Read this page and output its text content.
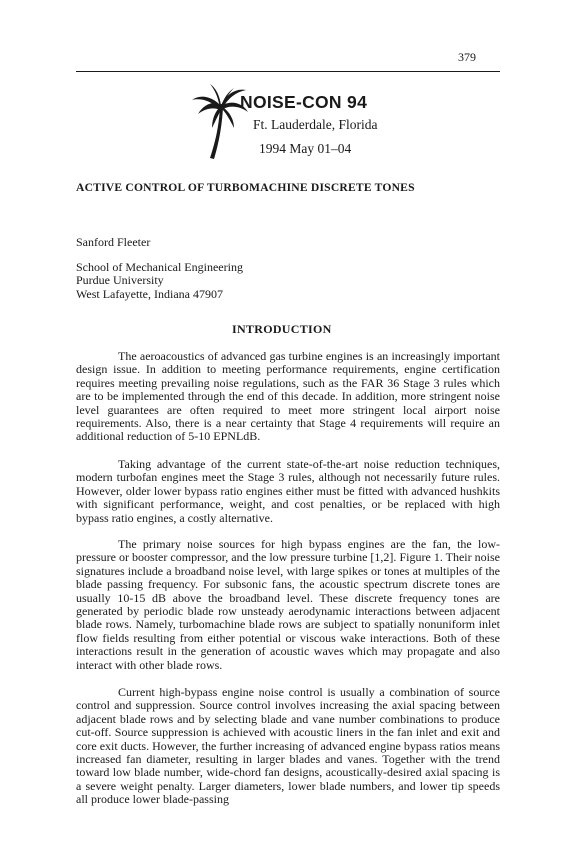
379
NOISE-CON 94
Ft. Lauderdale, Florida
1994 May 01–04
ACTIVE CONTROL OF TURBOMACHINE DISCRETE TONES
Sanford Fleeter
School of Mechanical Engineering
Purdue University
West Lafayette, Indiana 47907
INTRODUCTION

The aeroacoustics of advanced gas turbine engines is an increasingly important design issue. In addition to meeting performance requirements, engine certification requires meeting prevailing noise regulations, such as the FAR 36 Stage 3 rules which are to be implemented through the end of this decade. In addition, more stringent noise level guarantees are often required to meet more stringent local airport noise requirements. Also, there is a near certainty that Stage 4 requirements will require an additional reduction of 5-10 EPNLdB.

Taking advantage of the current state-of-the-art noise reduction techniques, modern turbofan engines meet the Stage 3 rules, although not necessarily future rules. However, older lower bypass ratio engines either must be fitted with advanced hushkits with significant performance, weight, and cost penalties, or be replaced with high bypass ratio engines, a costly alternative.

The primary noise sources for high bypass engines are the fan, the low-pressure or booster compressor, and the low pressure turbine [1,2]. Figure 1. Their noise signatures include a broadband noise level, with large spikes or tones at multiples of the blade passing frequency. For subsonic fans, the acoustic spectrum discrete tones are usually 10-15 dB above the broadband level. These discrete frequency tones are generated by periodic blade row unsteady aerodynamic interactions between adjacent blade rows. Namely, turbomachine blade rows are subject to spatially nonuniform inlet flow fields resulting from either potential or viscous wake interactions. Both of these interactions result in the generation of acoustic waves which may propagate and also interact with other blade rows.

Current high-bypass engine noise control is usually a combination of source control and suppression. Source control involves increasing the axial spacing between adjacent blade rows and by selecting blade and vane number combinations to produce cut-off. Source suppression is achieved with acoustic liners in the fan inlet and exit and core exit ducts. However, the further increasing of advanced engine bypass ratios means increased fan diameter, resulting in larger blades and vanes. Together with the trend toward low blade number, wide-chord fan designs, acoustically-desired axial spacing is a severe weight penalty. Larger diameters, lower blade numbers, and lower tip speeds all produce lower blade-passing
